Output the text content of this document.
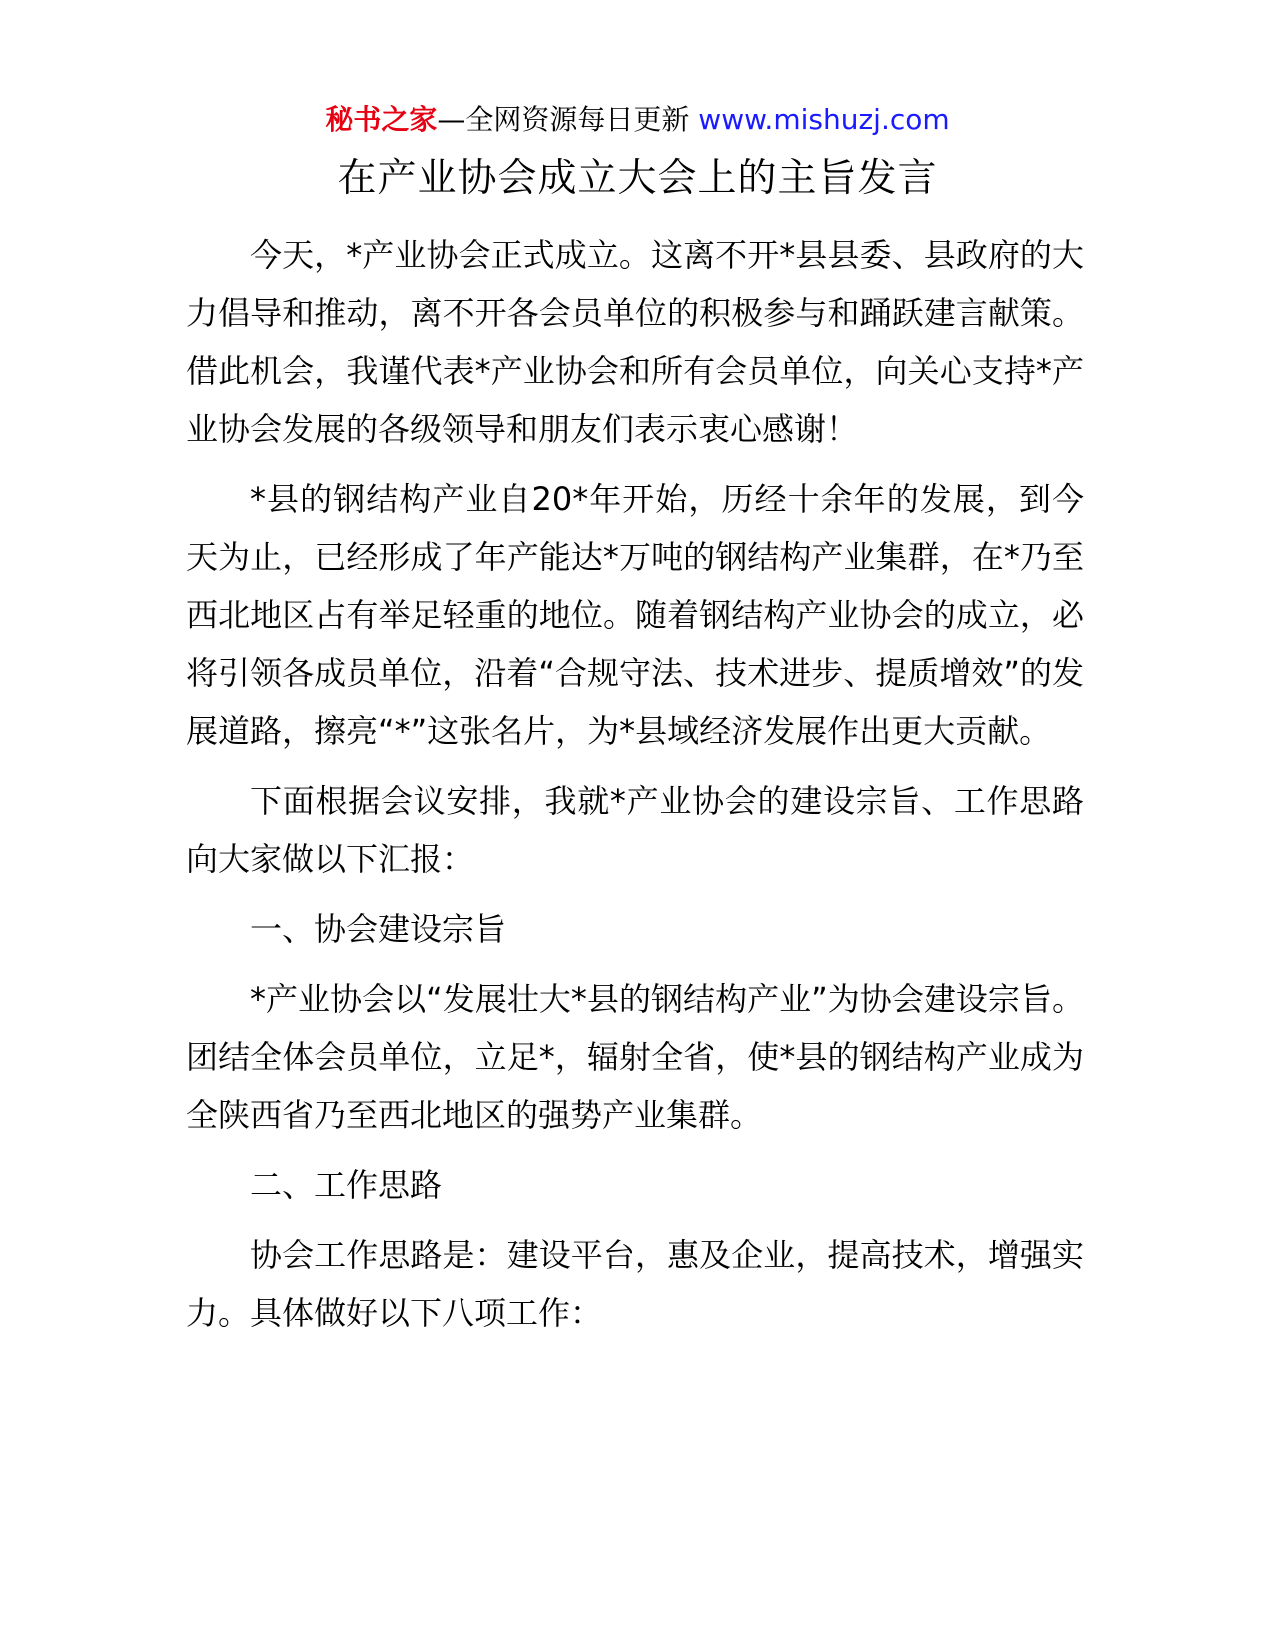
秘书之家—全网资源每日更新 www.mishuzj.com
在产业协会成立大会上的主旨发言

今天，*产业协会正式成立。这离不开*县县委、县政府的大力倡导和推动，离不开各会员单位的积极参与和踊跃建言献策。借此机会，我谨代表*产业协会和所有会员单位，向关心支持*产业协会发展的各级领导和朋友们表示衷心感谢！

*县的钢结构产业自20*年开始，历经十余年的发展，到今天为止，已经形成了年产能达*万吨的钢结构产业集群，在*乃至西北地区占有举足轻重的地位。随着钢结构产业协会的成立，必将引领各成员单位，沿着“合规守法、技术进步、提质增效”的发展道路，擦亮“*”这张名片，为*县域经济发展作出更大贡献。

下面根据会议安排，我就*产业协会的建设宗旨、工作思路向大家做以下汇报：

一、协会建设宗旨

*产业协会以“发展壮大*县的钢结构产业”为协会建设宗旨。团结全体会员单位，立足*，辐射全省，使*县的钢结构产业成为全陕西省乃至西北地区的强势产业集群。

二、工作思路

协会工作思路是：建设平台，惠及企业，提高技术，增强实力。具体做好以下八项工作：
